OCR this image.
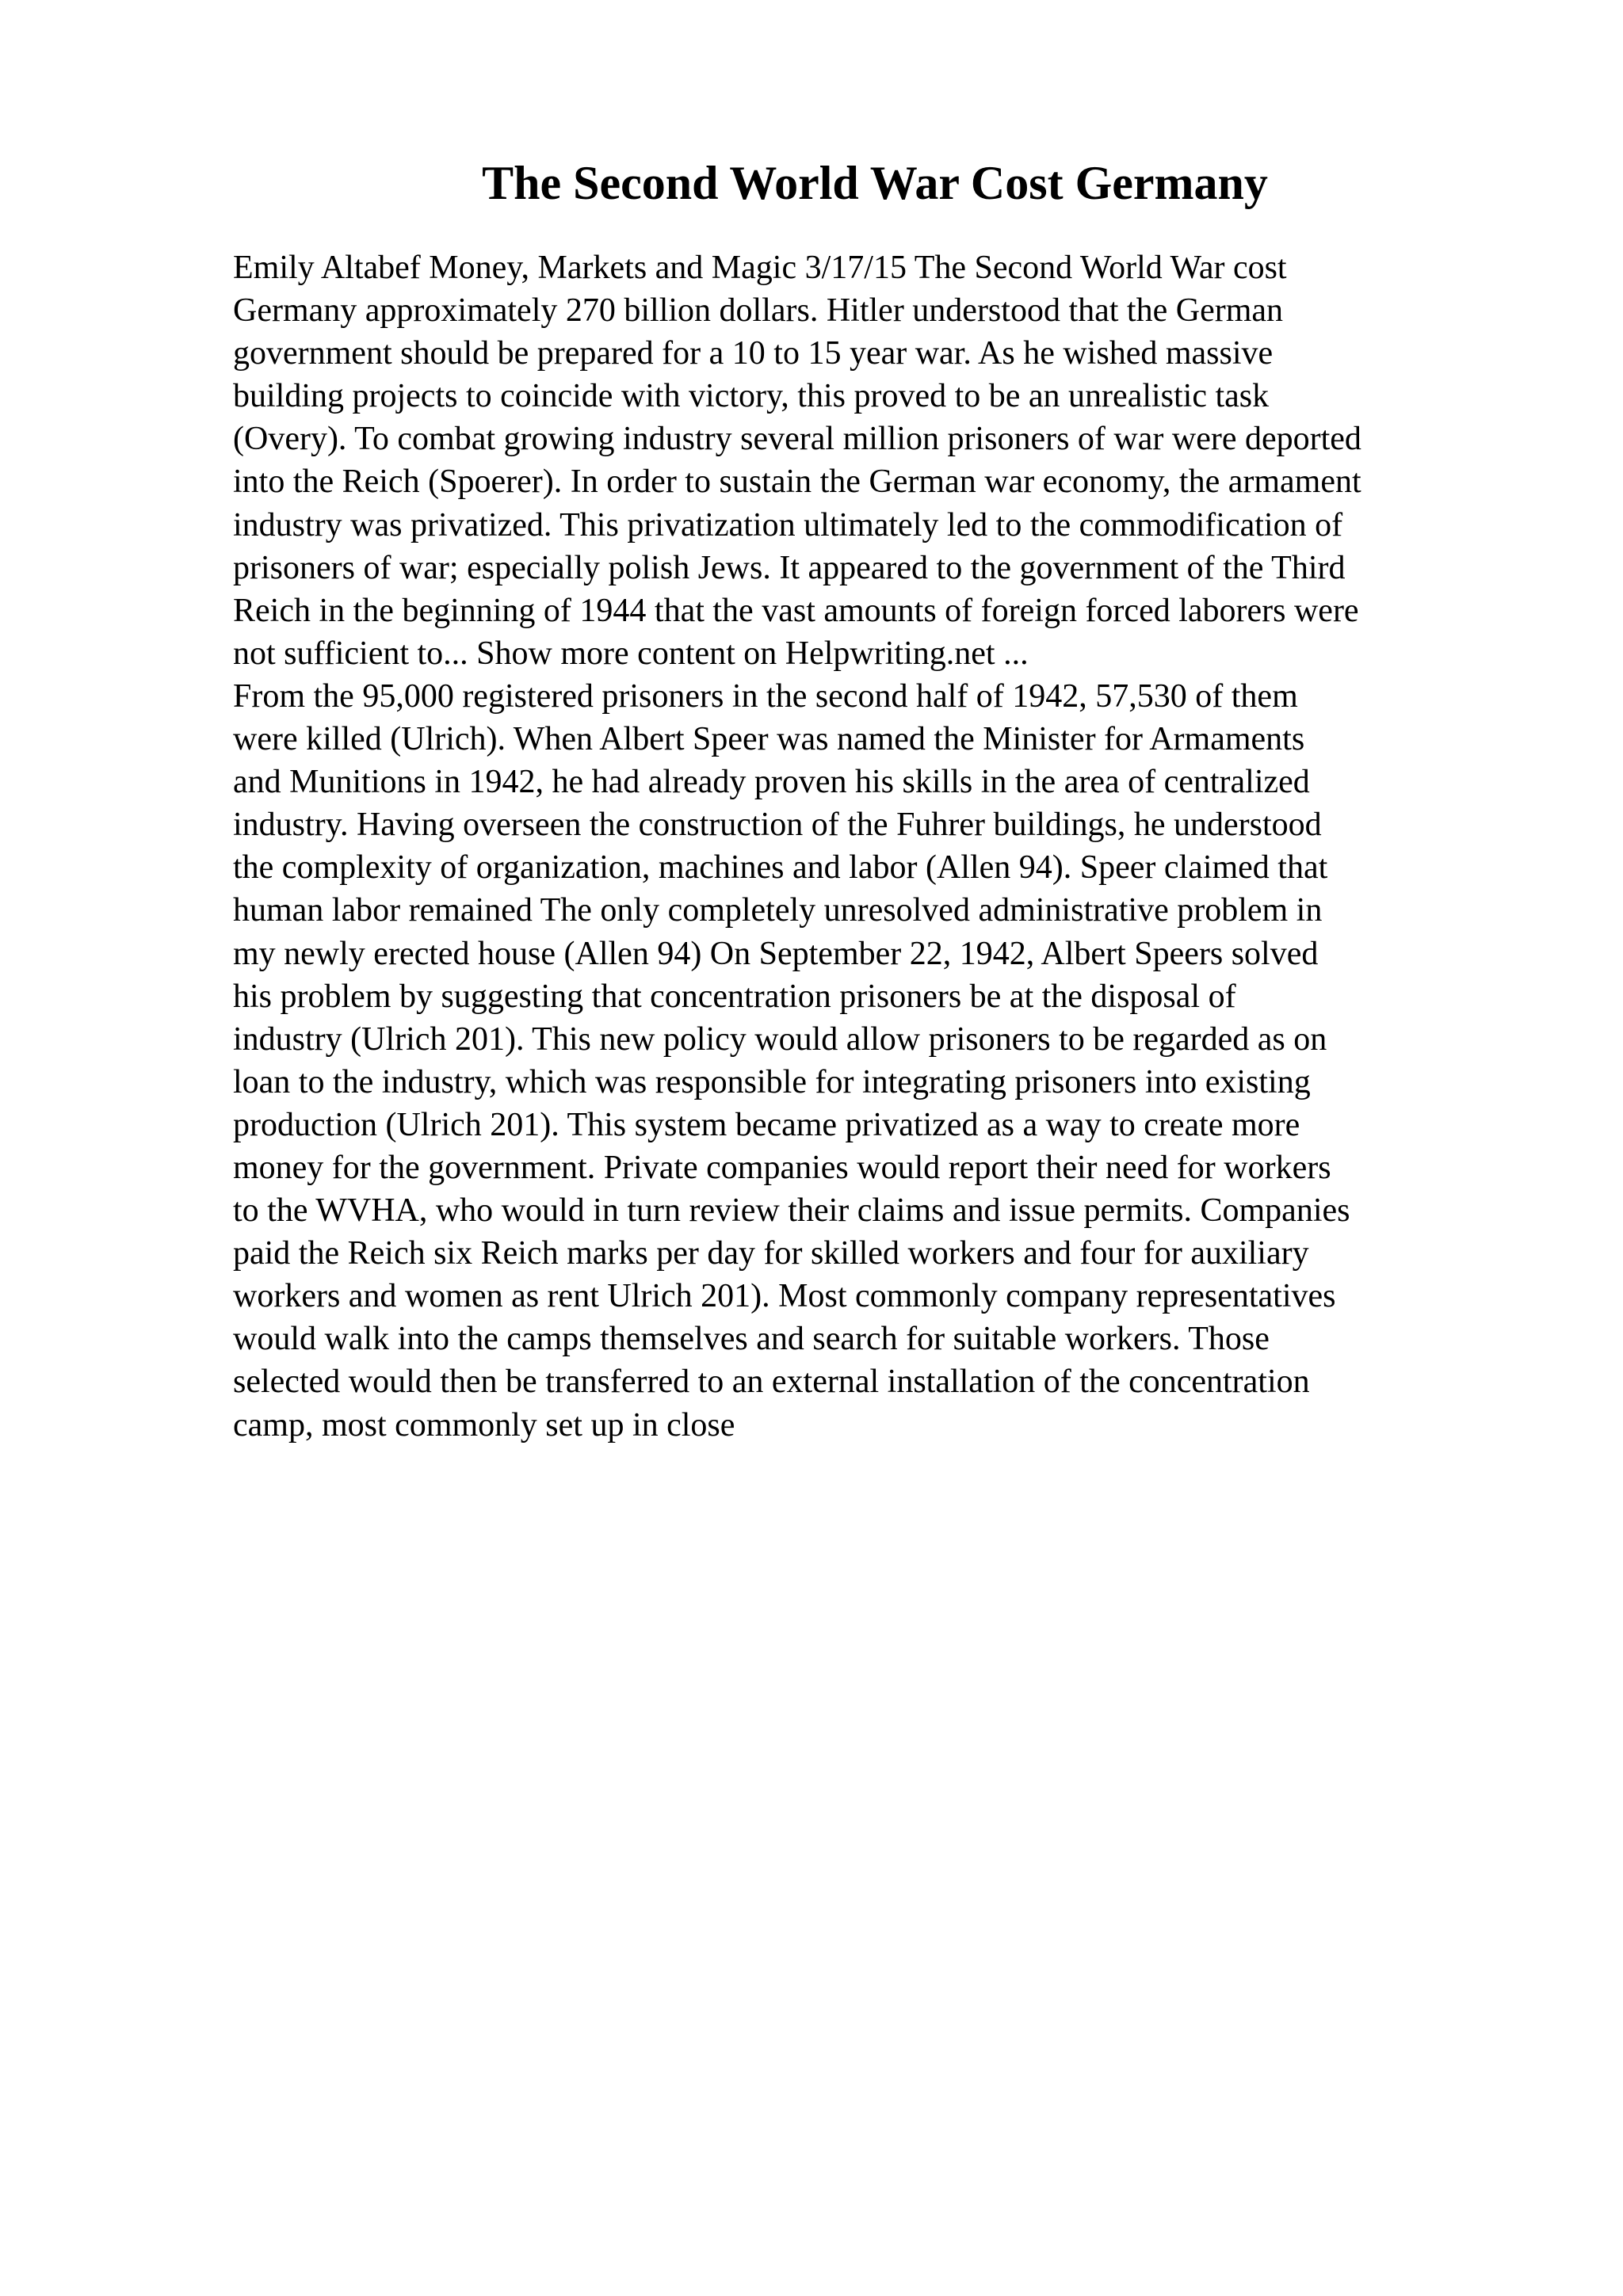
The Second World War Cost Germany
Emily Altabef Money, Markets and Magic 3/17/15 The Second World War cost
Germany approximately 270 billion dollars. Hitler understood that the German
government should be prepared for a 10 to 15 year war. As he wished massive
building projects to coincide with victory, this proved to be an unrealistic task
(Overy). To combat growing industry several million prisoners of war were deported
into the Reich (Spoerer). In order to sustain the German war economy, the armament
industry was privatized. This privatization ultimately led to the commodification of
prisoners of war; especially polish Jews. It appeared to the government of the Third
Reich in the beginning of 1944 that the vast amounts of foreign forced laborers were
not sufficient to... Show more content on Helpwriting.net ...
From the 95,000 registered prisoners in the second half of 1942, 57,530 of them
were killed (Ulrich). When Albert Speer was named the Minister for Armaments
and Munitions in 1942, he had already proven his skills in the area of centralized
industry. Having overseen the construction of the Fuhrer buildings, he understood
the complexity of organization, machines and labor (Allen 94). Speer claimed that
human labor remained The only completely unresolved administrative problem in
my newly erected house (Allen 94) On September 22, 1942, Albert Speers solved
his problem by suggesting that concentration prisoners be at the disposal of
industry (Ulrich 201). This new policy would allow prisoners to be regarded as on
loan to the industry, which was responsible for integrating prisoners into existing
production (Ulrich 201). This system became privatized as a way to create more
money for the government. Private companies would report their need for workers
to the WVHA, who would in turn review their claims and issue permits. Companies
paid the Reich six Reich marks per day for skilled workers and four for auxiliary
workers and women as rent Ulrich 201). Most commonly company representatives
would walk into the camps themselves and search for suitable workers. Those
selected would then be transferred to an external installation of the concentration
camp, most commonly set up in close
